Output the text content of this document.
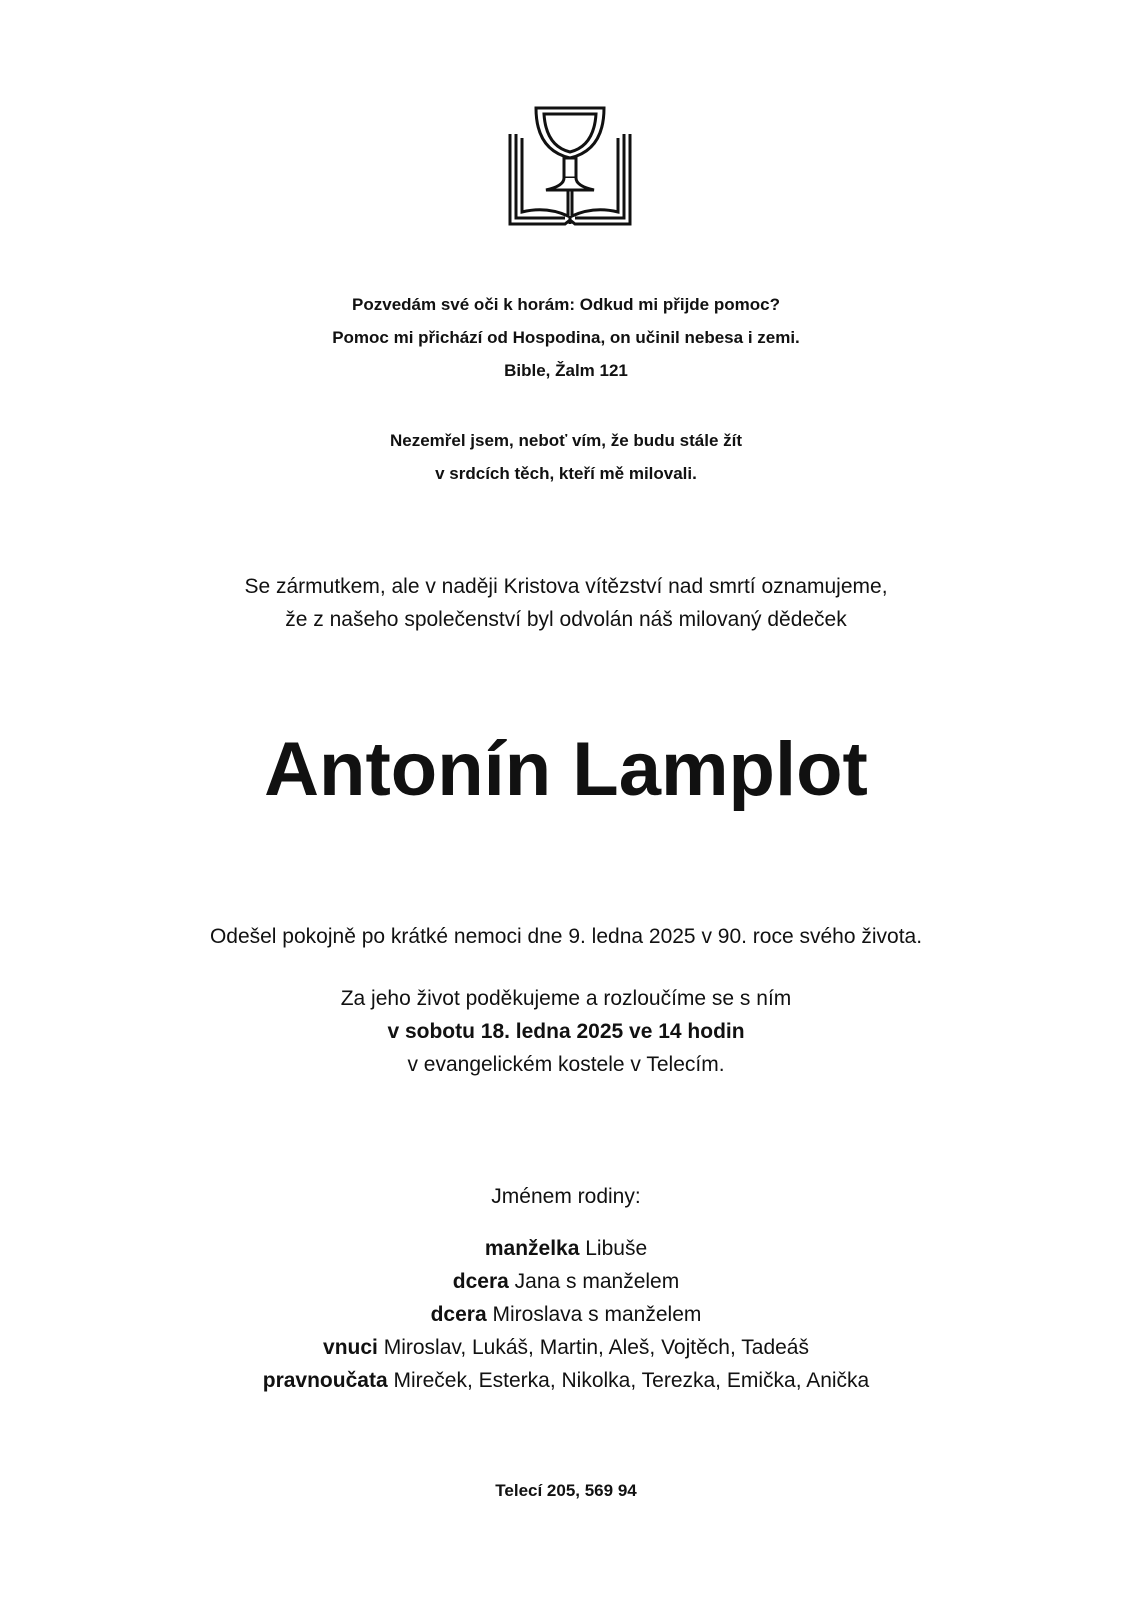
Pozvedám své oči k horám: Odkud mi přijde pomoc?
Pomoc mi přichází od Hospodina, on učinil nebesa i zemi.
Bible, Žalm 121
Nezemřel jsem, neboť vím, že budu stále žít
v srdcích těch, kteří mě milovali.
Se zármutkem, ale v naději Kristova vítězství nad smrtí oznamujeme,
že z našeho společenství byl odvolán náš milovaný dědeček
Antonín Lamplot
Odešel pokojně po krátké nemoci dne 9. ledna 2025 v 90. roce svého života.
Za jeho život poděkujeme a rozloučíme se s ním
v sobotu 18. ledna 2025 ve 14 hodin
v evangelickém kostele v Telecím.
Jménem rodiny:
manželka Libuše
dcera Jana s manželem
dcera Miroslava s manželem
vnuci Miroslav, Lukáš, Martin, Aleš, Vojtěch, Tadeáš
pravnoučata Mireček, Esterka, Nikolka, Terezka, Emička, Anička
Telecí 205, 569 94
